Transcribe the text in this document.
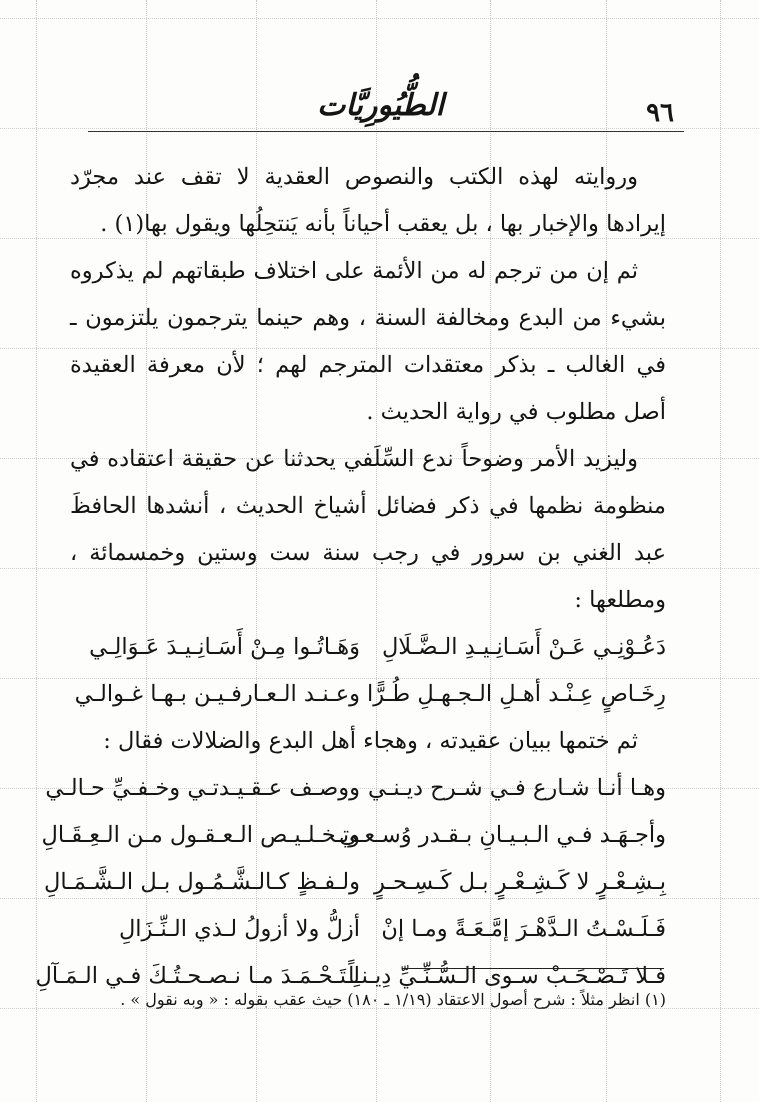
٩٦
الطُّيُورِيَّات

وروايته لهذه الكتب والنصوص العقدية لا تقف عند مجرّد إيرادها والإخبار بها ، بل يعقب أحياناً بأنه يَنتحِلُها ويقول بها(١) .

ثم إن من ترجم له من الأئمة على اختلاف طبقاتهم لم يذكروه بشيء من البدع ومخالفة السنة ، وهم حينما يترجمون يلتزمون ـ في الغالب ـ بذكر معتقدات المترجم لهم ؛ لأن معرفة العقيدة أصل مطلوب في رواية الحديث .

وليزيد الأمر وضوحاً ندع السِّلَفي يحدثنا عن حقيقة اعتقاده في منظومة نظمها في ذكر فضائل أشياخ الحديث ، أنشدها الحافظَ عبد الغني بن سرور في رجب سنة ست وستين وخمسمائة ، ومطلعها :

دَعُـوْنِـي عَـنْ أَسَـانِـيـدِ الـضَّـلَالِ
وَهَـاتُـوا مِـنْ أَسَـانِـيـدَ عَـوَالِـي
رِخَـاصٍ عِـنْـد أهـلِ الـجـهـلِ طُـرًّا
وعـنـد الـعـارفـيـن بـهـا غـوالـي

ثم ختمها ببيان عقيدته ، وهجاء أهل البدع والضلالات فقال :

وهـا أنـا شـارع فـي شـرح ديـنـي
ووصـف عـقـيـدتـي وخـفـيِّ حـالـي
وأجـهَـد فـي الـبـيـانِ بـقـدر وُسـعـي
وتـخـلـيـص الـعـقـول مـن الـعِـقَـالِ
بِـشِـعْـرٍ لا كَـشِـعْـرٍ بـل كَـسِـحـرٍ
ولـفـظٍ كـالـشَّـمُـول بـل الـشَّـمَـالِ
فَـلَـسْـتُ الـدَّهْـرَ إمَّـعَـةً ومـا إنْ
أزلُّ ولا أزولُ لـذي الـنِّـزَالِ
فـلا تَـصْـحَـبْ سـوى الـسُّـنِّـيِّ دِيـنـاً
لِـتَـحْـمَـدَ مـا نـصـحـتُـكَ فـي الـمَـآلِ
(١) انظر مثلاً : شرح أصول الاعتقاد (١/١٩ ـ ١٨٠) حيث عقب بقوله : « وبه نقول » .
